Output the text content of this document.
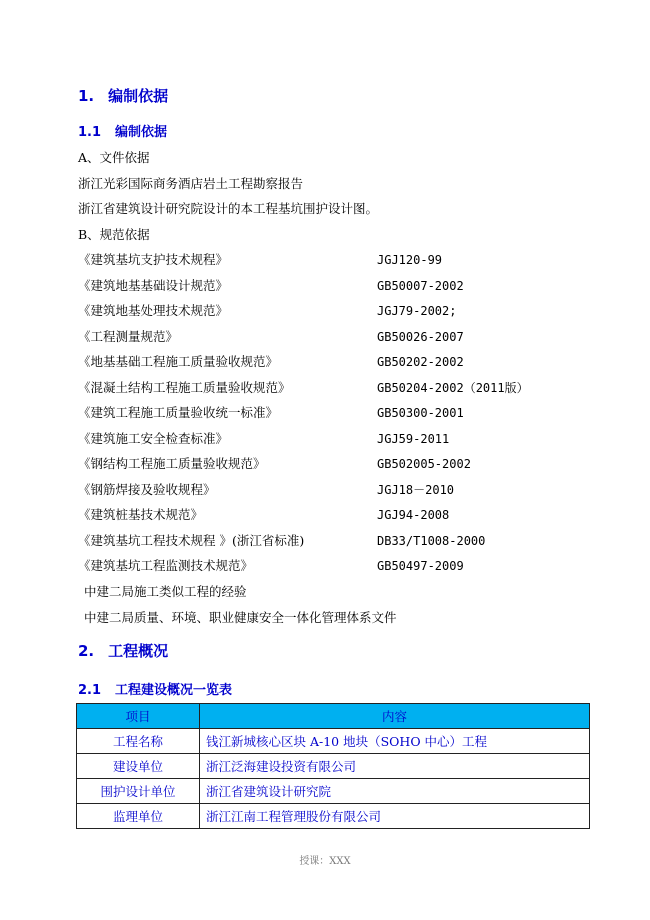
1. 编制依据
1.1 编制依据
A、文件依据
浙江光彩国际商务酒店岩土工程勘察报告
浙江省建筑设计研究院设计的本工程基坑围护设计图。
B、规范依据
《建筑基坑支护技术规程》	JGJ120-99
《建筑地基基础设计规范》	GB50007-2002
《建筑地基处理技术规范》	JGJ79-2002;
《工程测量规范》	GB50026-2007
《地基基础工程施工质量验收规范》	GB50202-2002
《混凝土结构工程施工质量验收规范》	GB50204-2002（2011版）
《建筑工程施工质量验收统一标准》	GB50300-2001
《建筑施工安全检查标准》	JGJ59-2011
《钢结构工程施工质量验收规范》	GB502005-2002
《钢筋焊接及验收规程》	JGJ18－2010
《建筑桩基技术规范》	JGJ94-2008
《建筑基坑工程技术规程 》(浙江省标准)	DB33/T1008-2000
《建筑基坑工程监测技术规范》	GB50497-2009
中建二局施工类似工程的经验
中建二局质量、环境、职业健康安全一体化管理体系文件
2. 工程概况
2.1 工程建设概况一览表
项目	内容
工程名称	钱江新城核心区块 A-10 地块（SOHO 中心）工程
建设单位	浙江泛海建设投资有限公司
围护设计单位	浙江省建筑设计研究院
监理单位	浙江江南工程管理股份有限公司
授课：XXX
